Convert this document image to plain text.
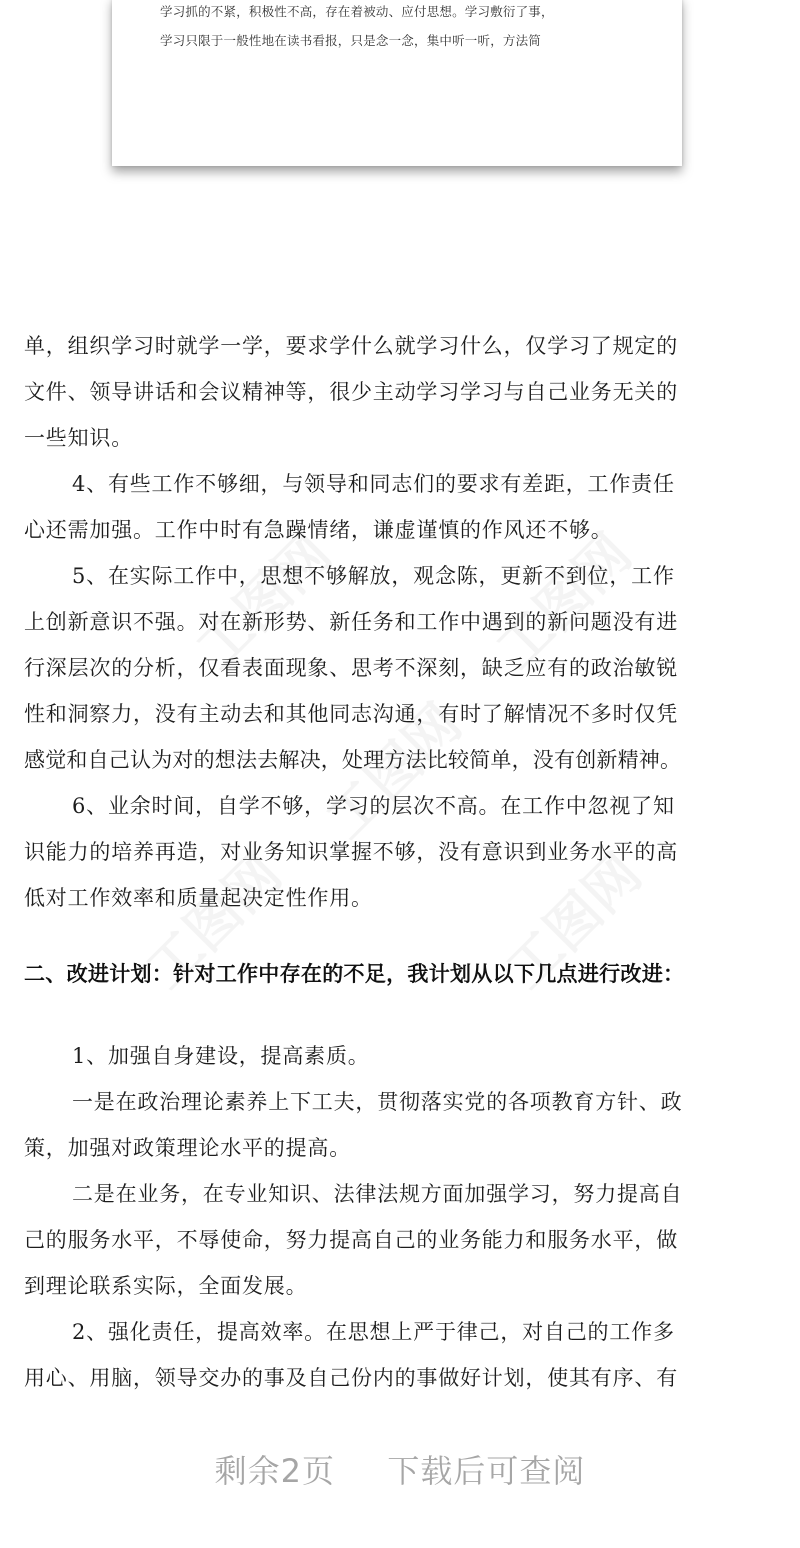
学习抓的不紧，积极性不高，存在着被动、应付思想。学习敷衍了事，
学习只限于一般性地在读书看报，只是念一念，集中听一听，方法简
单，组织学习时就学一学，要求学什么就学习什么，仅学习了规定的
文件、领导讲话和会议精神等，很少主动学习学习与自己业务无关的
一些知识。
4、有些工作不够细，与领导和同志们的要求有差距，工作责任
心还需加强。工作中时有急躁情绪，谦虚谨慎的作风还不够。
5、在实际工作中，思想不够解放，观念陈，更新不到位，工作
上创新意识不强。对在新形势、新任务和工作中遇到的新问题没有进
行深层次的分析，仅看表面现象、思考不深刻，缺乏应有的政治敏锐
性和洞察力，没有主动去和其他同志沟通，有时了解情况不多时仅凭
感觉和自己认为对的想法去解决，处理方法比较简单，没有创新精神。
6、业余时间，自学不够，学习的层次不高。在工作中忽视了知
识能力的培养再造，对业务知识掌握不够，没有意识到业务水平的高
低对工作效率和质量起决定性作用。
二、改进计划：针对工作中存在的不足，我计划从以下几点进行改进：
1、加强自身建设，提高素质。
一是在政治理论素养上下工夫，贯彻落实党的各项教育方针、政
策，加强对政策理论水平的提高。
二是在业务，在专业知识、法律法规方面加强学习，努力提高自
己的服务水平，不辱使命，努力提高自己的业务能力和服务水平，做
到理论联系实际，全面发展。
2、强化责任，提高效率。在思想上严于律己，对自己的工作多
用心、用脑，领导交办的事及自己份内的事做好计划，使其有序、有
剩余2页 下载后可查阅
